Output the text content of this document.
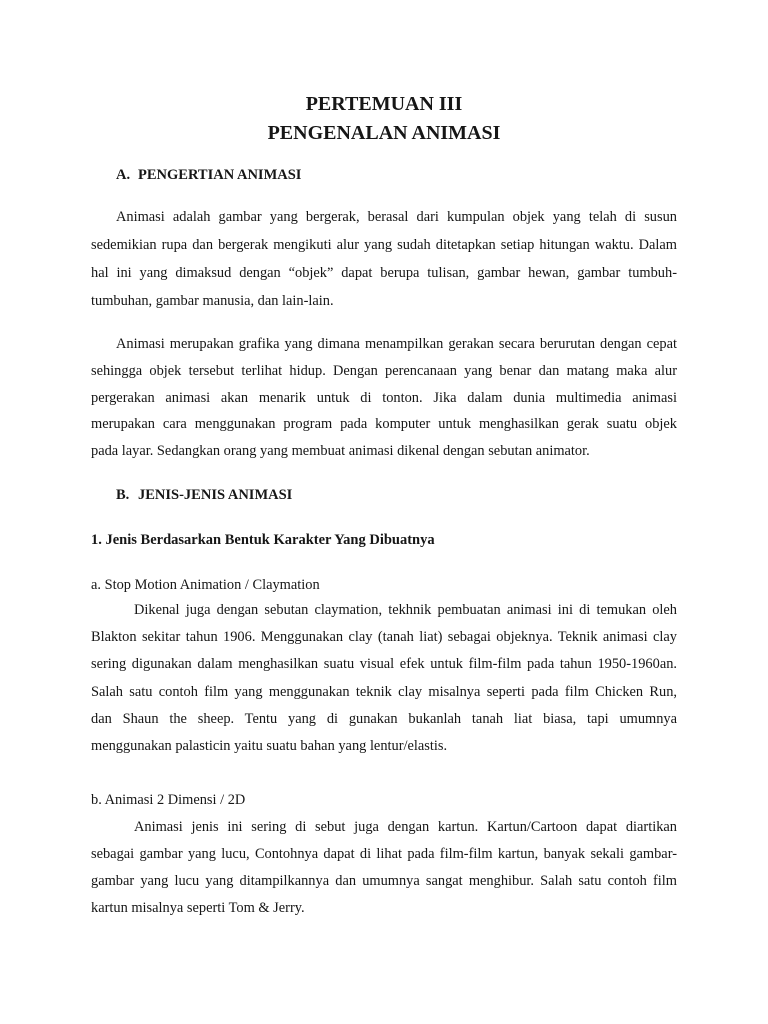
PERTEMUAN III
PENGENALAN ANIMASI
A. PENGERTIAN ANIMASI
Animasi adalah gambar yang bergerak, berasal dari kumpulan objek yang telah di susun
sedemikian rupa dan bergerak mengikuti alur yang sudah ditetapkan setiap hitungan waktu. Dalam
hal ini yang dimaksud dengan “objek” dapat berupa tulisan, gambar hewan, gambar tumbuh-
tumbuhan, gambar manusia, dan lain-lain.
Animasi merupakan grafika yang dimana menampilkan gerakan secara berurutan dengan cepat
sehingga objek tersebut terlihat hidup. Dengan perencanaan yang benar dan matang maka alur
pergerakan animasi akan menarik untuk di tonton. Jika dalam dunia multimedia animasi
merupakan cara menggunakan program pada komputer untuk menghasilkan gerak suatu objek
pada layar. Sedangkan orang yang membuat animasi dikenal dengan sebutan animator.
B. JENIS-JENIS ANIMASI
1. Jenis Berdasarkan Bentuk Karakter Yang Dibuatnya
a. Stop Motion Animation / Claymation
Dikenal juga dengan sebutan claymation, tekhnik pembuatan animasi ini di temukan oleh
Blakton sekitar tahun 1906. Menggunakan clay (tanah liat) sebagai objeknya. Teknik animasi clay
sering digunakan dalam menghasilkan suatu visual efek untuk film-film pada tahun 1950-1960an.
Salah satu contoh film yang menggunakan teknik clay misalnya seperti pada film Chicken Run,
dan Shaun the sheep. Tentu yang di gunakan bukanlah tanah liat biasa, tapi umumnya
menggunakan palasticin yaitu suatu bahan yang lentur/elastis.
b. Animasi 2 Dimensi / 2D
Animasi jenis ini sering di sebut juga dengan kartun. Kartun/Cartoon dapat diartikan
sebagai gambar yang lucu, Contohnya dapat di lihat pada film-film kartun, banyak sekali gambar-
gambar yang lucu yang ditampilkannya dan umumnya sangat menghibur. Salah satu contoh film
kartun misalnya seperti Tom & Jerry.
